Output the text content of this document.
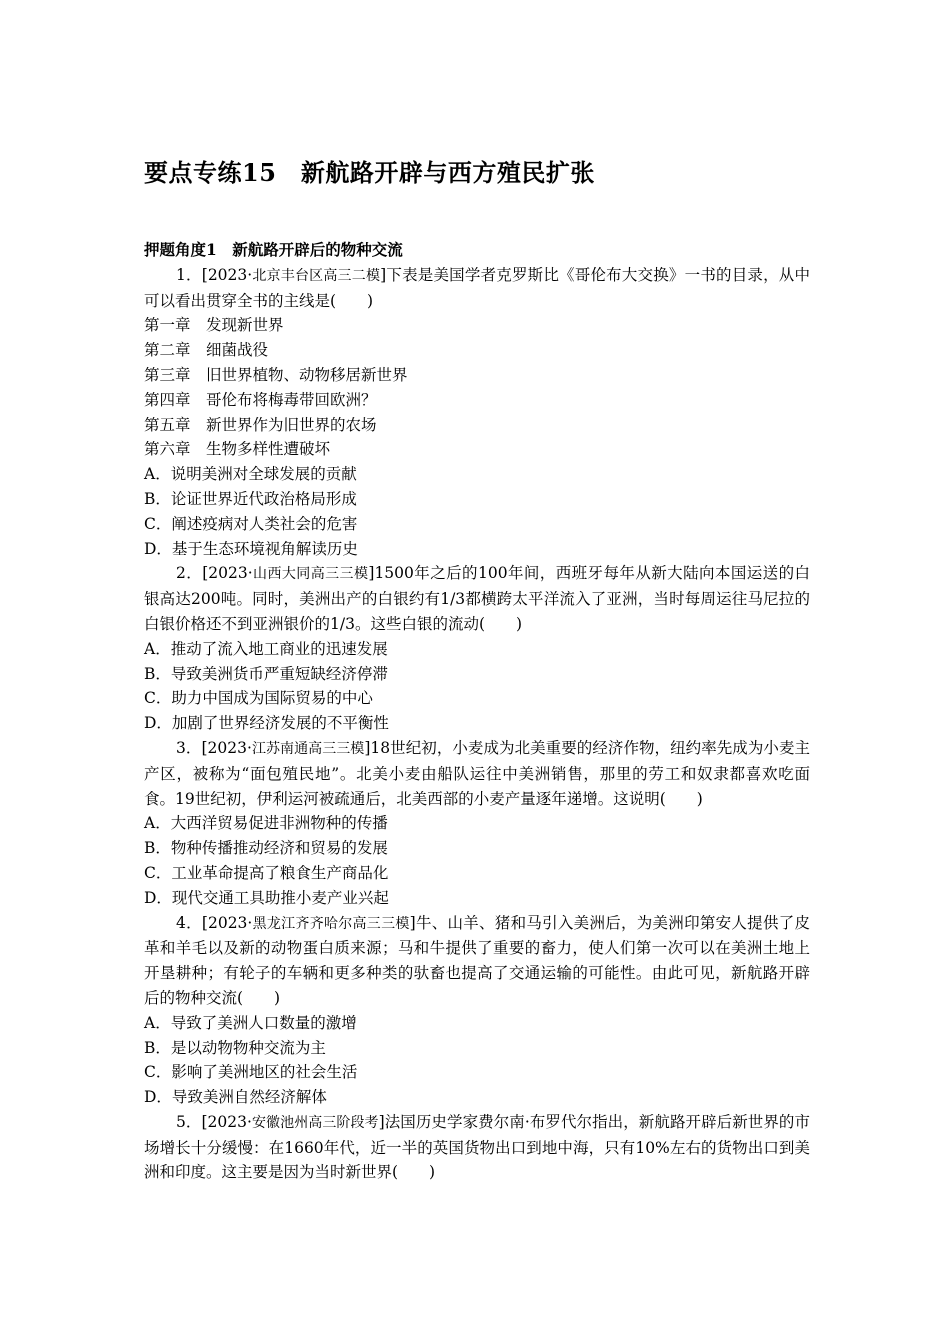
要点专练15　新航路开辟与西方殖民扩张

押题角度1　新航路开辟后的物种交流

1．[2023·北京丰台区高三二模]下表是美国学者克罗斯比《哥伦布大交换》一书的目录，从中可以看出贯穿全书的主线是(　　)

第一章　发现新世界

第二章　细菌战役

第三章　旧世界植物、动物移居新世界

第四章　哥伦布将梅毒带回欧洲？

第五章　新世界作为旧世界的农场

第六章　生物多样性遭破坏

A．说明美洲对全球发展的贡献

B．论证世界近代政治格局形成

C．阐述疫病对人类社会的危害

D．基于生态环境视角解读历史

2．[2023·山西大同高三三模]1500年之后的100年间，西班牙每年从新大陆向本国运送的白银高达200吨。同时，美洲出产的白银约有1/3都横跨太平洋流入了亚洲，当时每周运往马尼拉的白银价格还不到亚洲银价的1/3。这些白银的流动(　　)

A．推动了流入地工商业的迅速发展

B．导致美洲货币严重短缺经济停滞

C．助力中国成为国际贸易的中心

D．加剧了世界经济发展的不平衡性

3．[2023·江苏南通高三三模]18世纪初，小麦成为北美重要的经济作物，纽约率先成为小麦主产区，被称为“面包殖民地”。北美小麦由船队运往中美洲销售，那里的劳工和奴隶都喜欢吃面食。19世纪初，伊利运河被疏通后，北美西部的小麦产量逐年递增。这说明(　　)

A．大西洋贸易促进非洲物种的传播

B．物种传播推动经济和贸易的发展

C．工业革命提高了粮食生产商品化

D．现代交通工具助推小麦产业兴起

4．[2023·黑龙江齐齐哈尔高三三模]牛、山羊、猪和马引入美洲后，为美洲印第安人提供了皮革和羊毛以及新的动物蛋白质来源；马和牛提供了重要的畜力，使人们第一次可以在美洲土地上开垦耕种；有轮子的车辆和更多种类的驮畜也提高了交通运输的可能性。由此可见，新航路开辟后的物种交流(　　)

A．导致了美洲人口数量的激增

B．是以动物物种交流为主

C．影响了美洲地区的社会生活

D．导致美洲自然经济解体

5．[2023·安徽池州高三阶段考]法国历史学家费尔南·布罗代尔指出，新航路开辟后新世界的市场增长十分缓慢：在1660年代，近一半的英国货物出口到地中海，只有10%左右的货物出口到美洲和印度。这主要是因为当时新世界(　　)
